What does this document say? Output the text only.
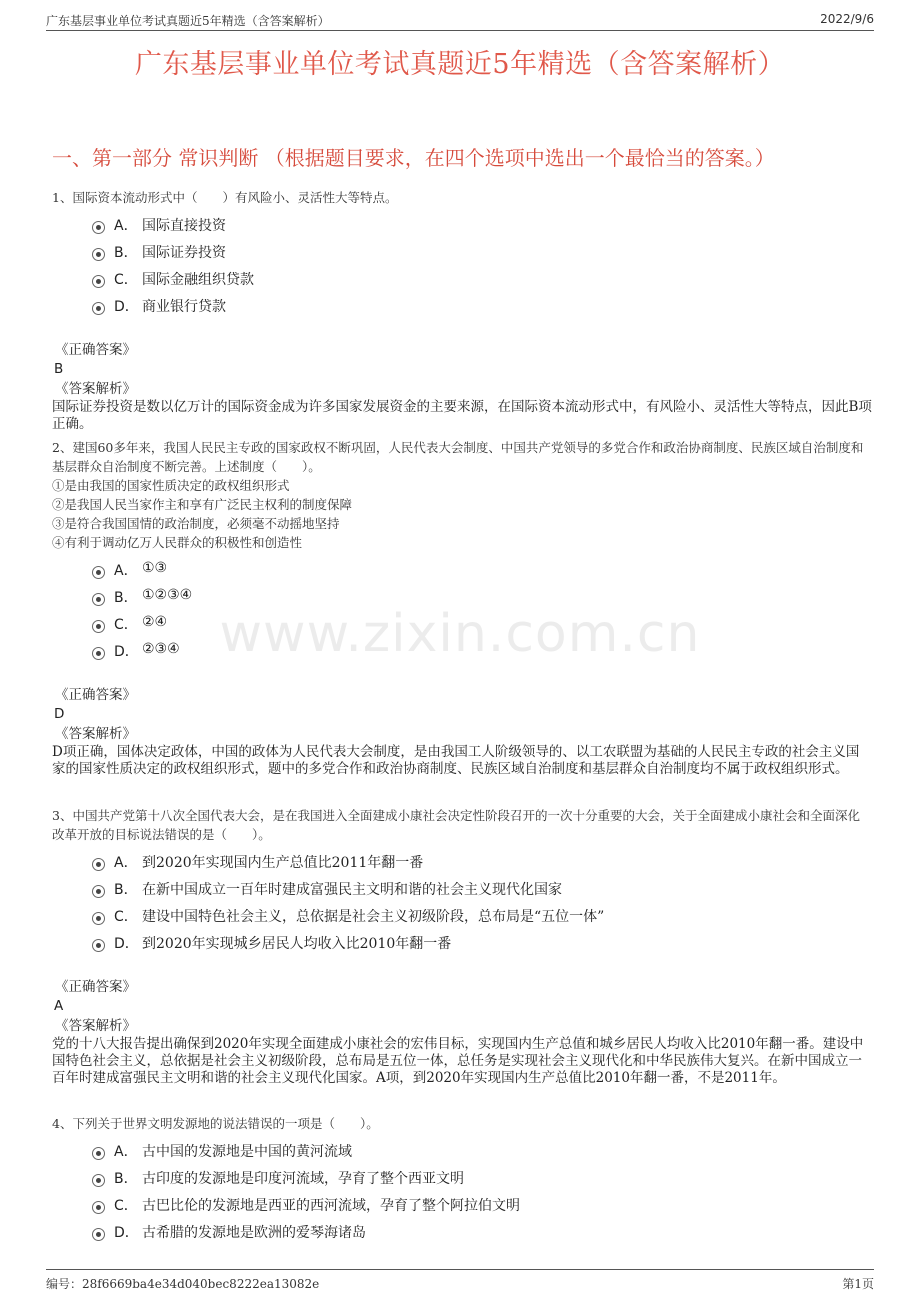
广东基层事业单位考试真题近5年精选（含答案解析）	2022/9/6
广东基层事业单位考试真题近5年精选（含答案解析）
一、第一部分 常识判断 （根据题目要求，在四个选项中选出一个最恰当的答案。）
www.zixin.com.cn
1、国际资本流动形式中（　　）有风险小、灵活性大等特点。
A． 国际直接投资
B． 国际证券投资
C． 国际金融组织贷款
D． 商业银行贷款
《正确答案》
B
《答案解析》
国际证券投资是数以亿万计的国际资金成为许多国家发展资金的主要来源，在国际资本流动形式中，有风险小、灵活性大等特点，因此B项正确。
2、建国60多年来，我国人民民主专政的国家政权不断巩固，人民代表大会制度、中国共产党领导的多党合作和政治协商制度、民族区域自治制度和基层群众自治制度不断完善。上述制度（　　）。
①是由我国的国家性质决定的政权组织形式
②是我国人民当家作主和享有广泛民主权利的制度保障
③是符合我国国情的政治制度，必须毫不动摇地坚持
④有利于调动亿万人民群众的积极性和创造性
A． ①③
B． ①②③④
C． ②④
D． ②③④
《正确答案》
D
《答案解析》
D项正确，国体决定政体，中国的政体为人民代表大会制度，是由我国工人阶级领导的、以工农联盟为基础的人民民主专政的社会主义国家的国家性质决定的政权组织形式，题中的多党合作和政治协商制度、民族区域自治制度和基层群众自治制度均不属于政权组织形式。
3、中国共产党第十八次全国代表大会，是在我国进入全面建成小康社会决定性阶段召开的一次十分重要的大会，关于全面建成小康社会和全面深化改革开放的目标说法错误的是（　　）。
A． 到2020年实现国内生产总值比2011年翻一番
B． 在新中国成立一百年时建成富强民主文明和谐的社会主义现代化国家
C． 建设中国特色社会主义，总依据是社会主义初级阶段，总布局是“五位一体”
D． 到2020年实现城乡居民人均收入比2010年翻一番
《正确答案》
A
《答案解析》
党的十八大报告提出确保到2020年实现全面建成小康社会的宏伟目标，实现国内生产总值和城乡居民人均收入比2010年翻一番。建设中国特色社会主义，总依据是社会主义初级阶段，总布局是五位一体，总任务是实现社会主义现代化和中华民族伟大复兴。在新中国成立一百年时建成富强民主文明和谐的社会主义现代化国家。A项，到2020年实现国内生产总值比2010年翻一番，不是2011年。
4、下列关于世界文明发源地的说法错误的一项是（　　）。
A． 古中国的发源地是中国的黄河流域
B． 古印度的发源地是印度河流域，孕育了整个西亚文明
C． 古巴比伦的发源地是西亚的西河流域，孕育了整个阿拉伯文明
D． 古希腊的发源地是欧洲的爱琴海诸岛
编号：28f6669ba4e34d040bec8222ea13082e	第1页
